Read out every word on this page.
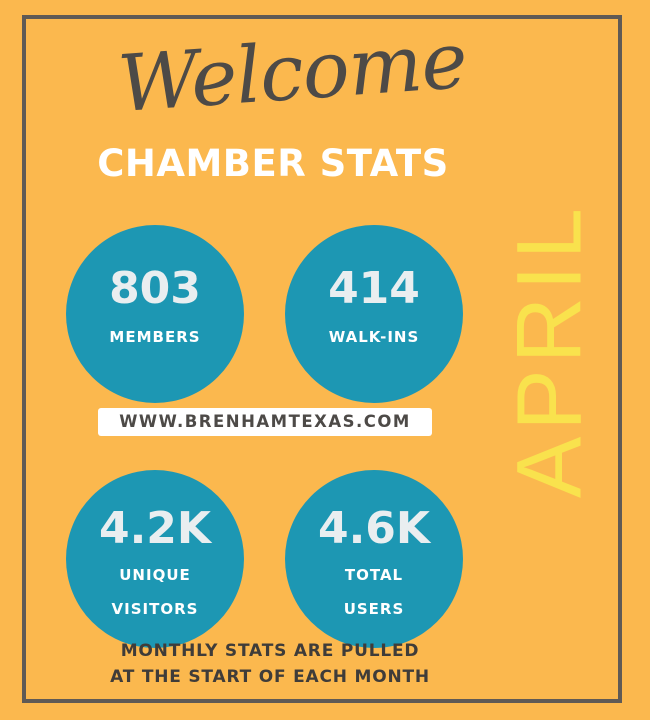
Welcome
CHAMBER STATS
APRIL
803
MEMBERS
414
WALK-INS
WWW.BRENHAMTEXAS.COM
4.2K
UNIQUE
VISITORS
4.6K
TOTAL
USERS
MONTHLY STATS ARE PULLED
AT THE START OF EACH MONTH
